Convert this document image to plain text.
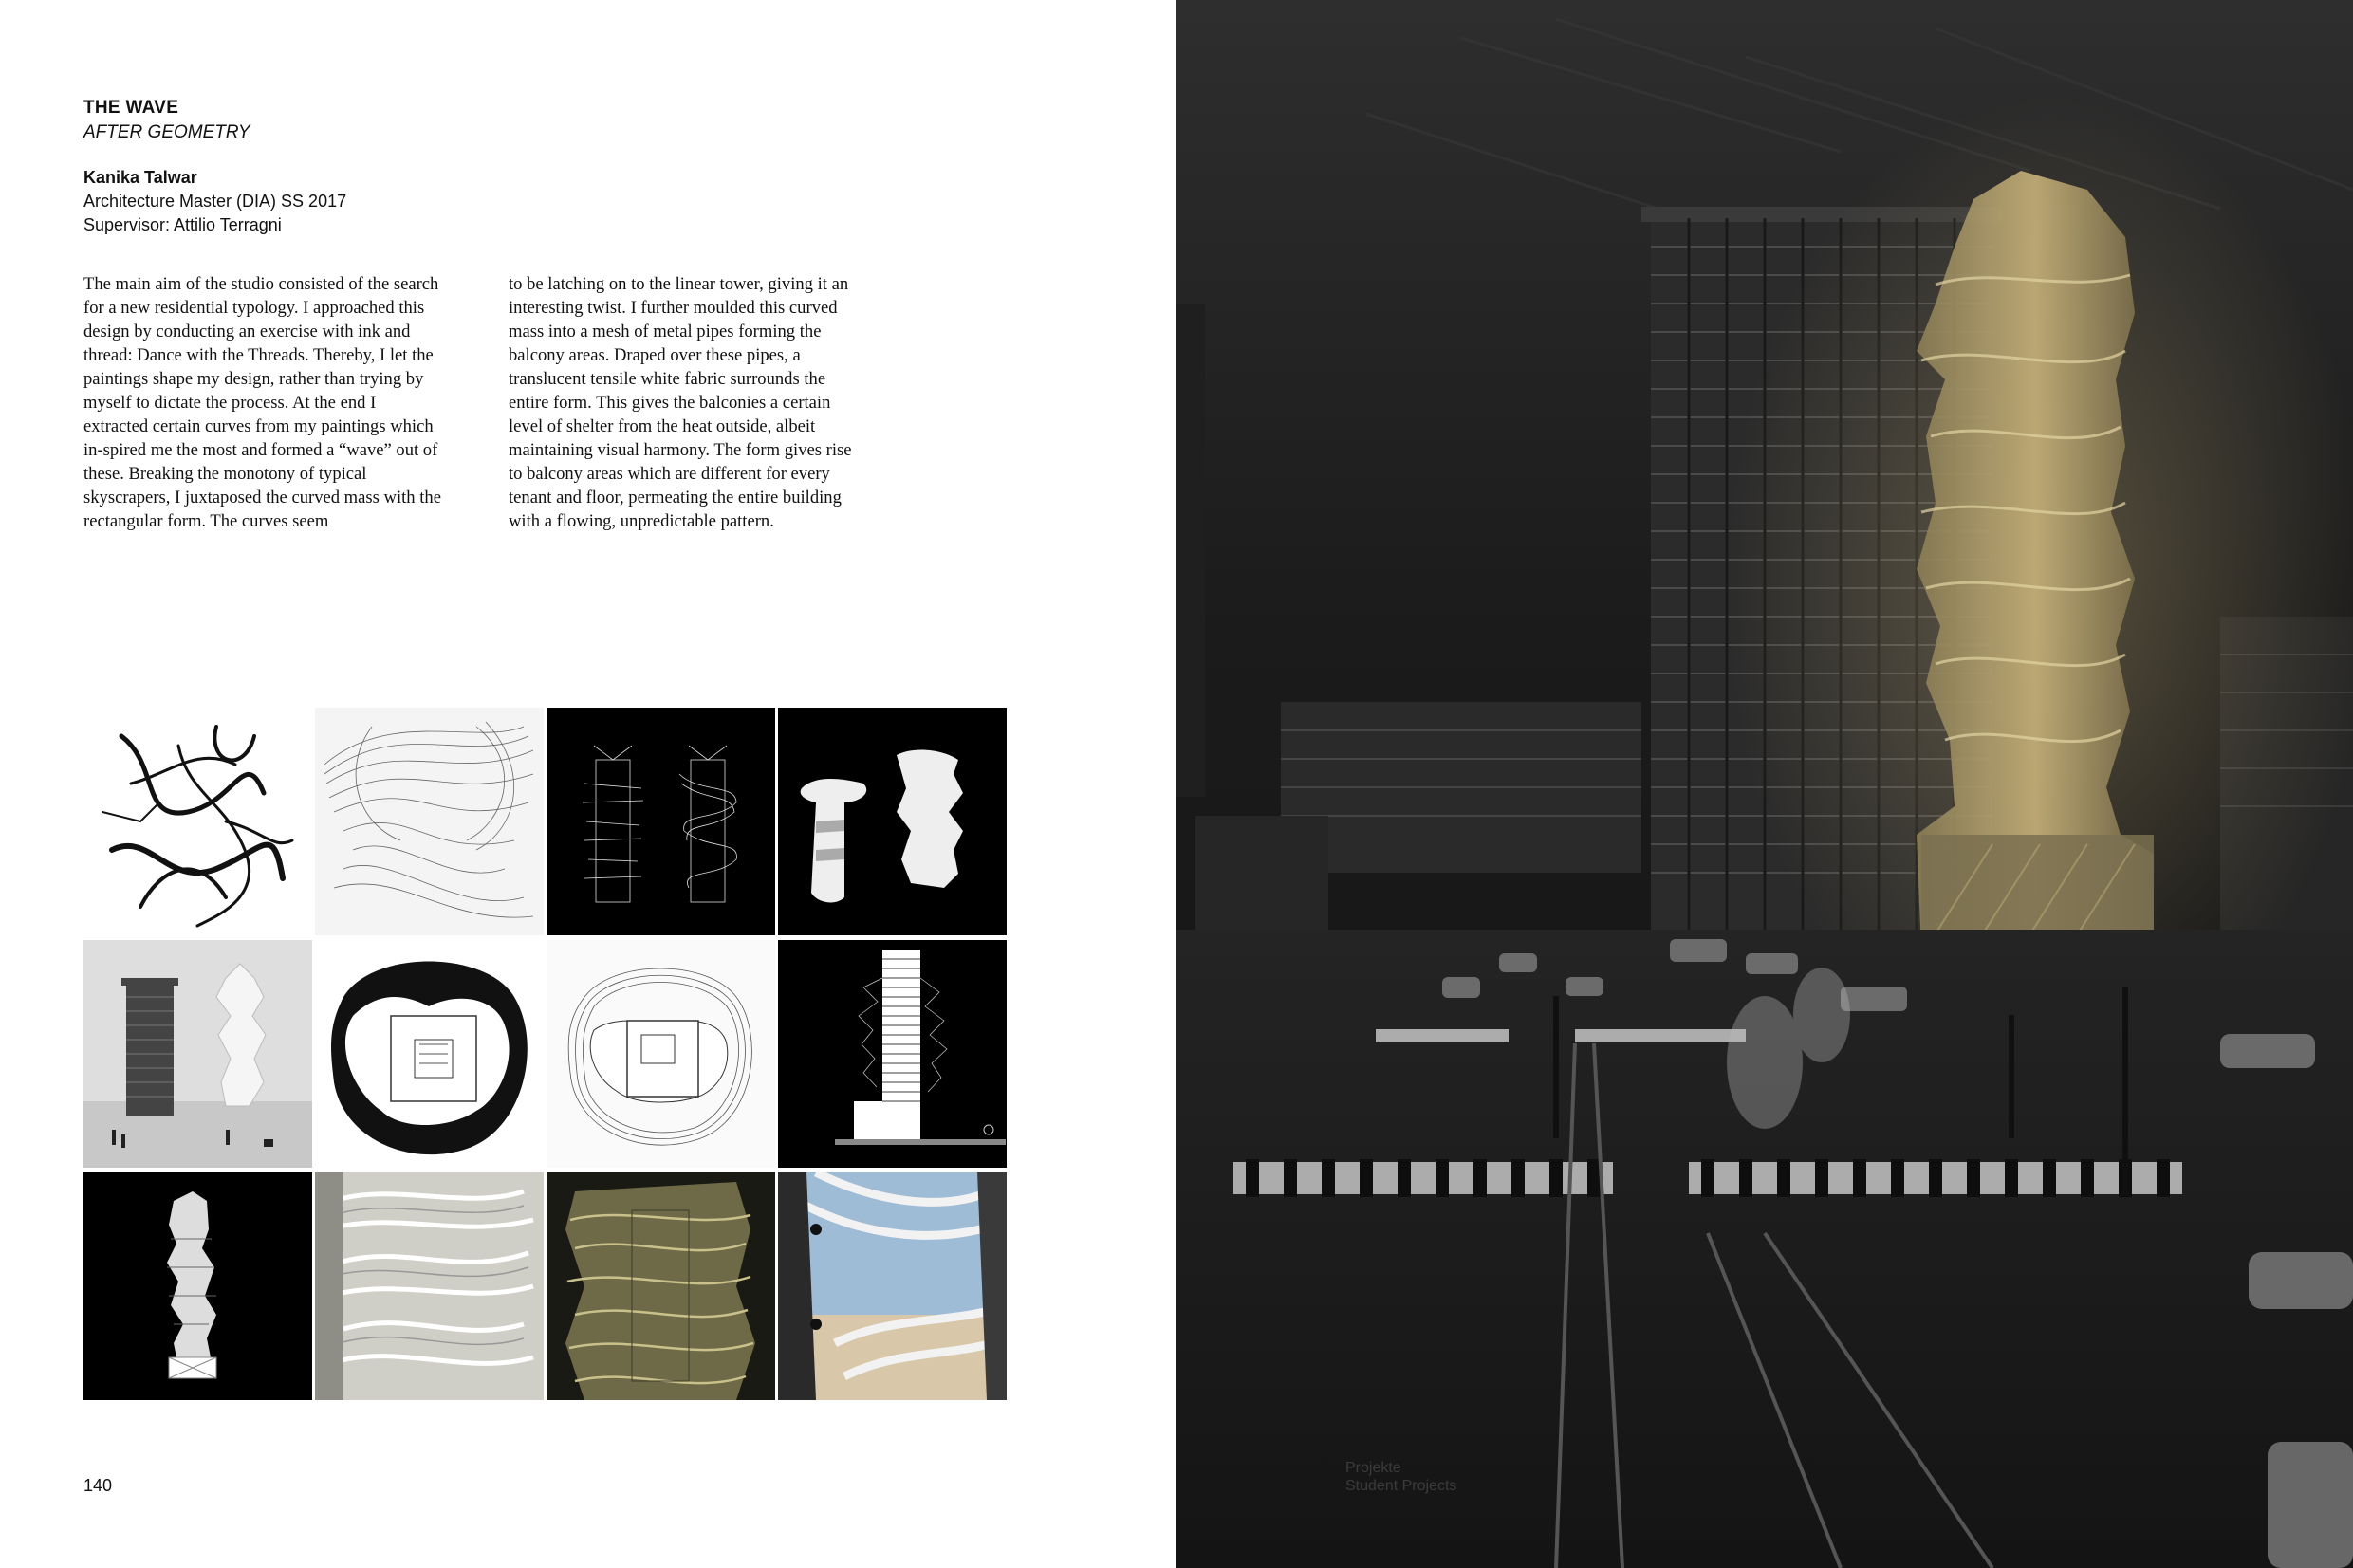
THE WAVE
AFTER GEOMETRY
Kanika Talwar
Architecture Master (DIA) SS 2017
Supervisor: Attilio Terragni

The main aim of the studio consisted of the search for a new residential typology. I approached this design by conducting an exercise with ink and thread: Dance with the Threads. Thereby, I let the paintings shape my design, rather than trying by myself to dictate the process. At the end I extracted certain curves from my paintings which in-spired me the most and formed a “wave” out of these. Breaking the monotony of typical skyscrapers, I juxtaposed the curved mass with the rectangular form. The curves seem

to be latching on to the linear tower, giving it an interesting twist. I further moulded this curved mass into a mesh of metal pipes forming the balcony areas. Draped over these pipes, a translucent tensile white fabric surrounds the entire form. This gives the balconies a certain level of shelter from the heat outside, albeit maintaining visual harmony. The form gives rise to balcony areas which are different for every tenant and floor, permeating the entire building with a flowing, unpredictable pattern.

140
Projekte
Student Projects
